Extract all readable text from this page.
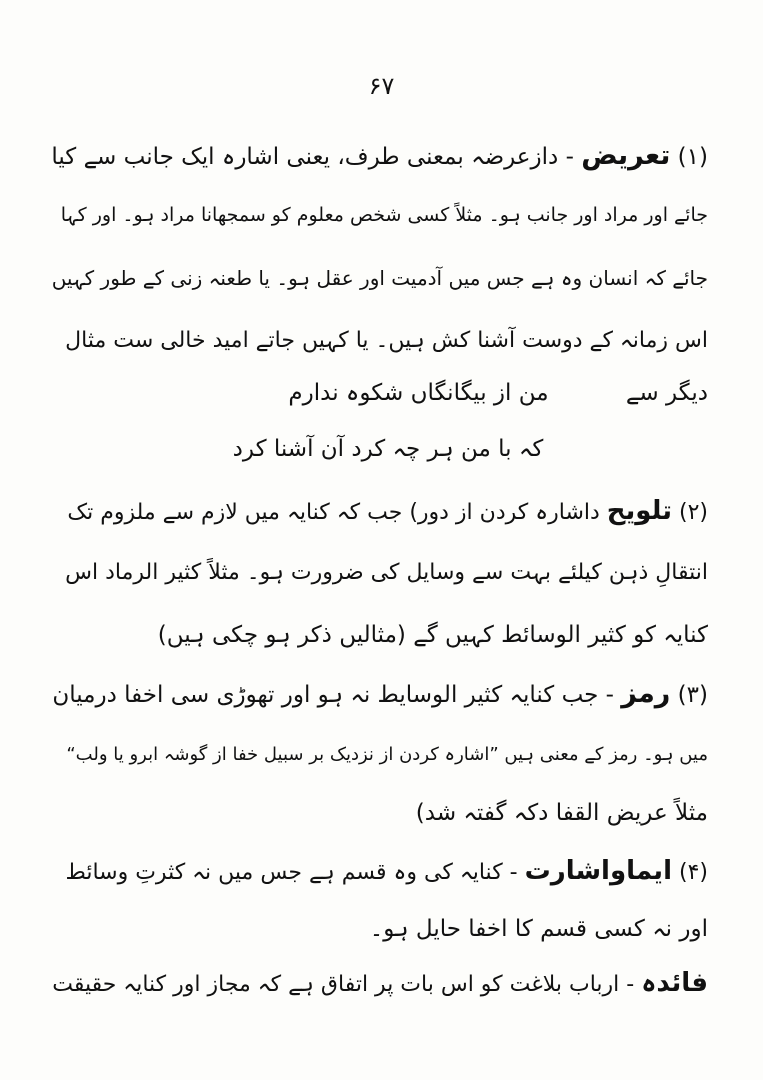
۶۷
(۱) تعریض - دازعرضہ بمعنی طرف، یعنی اشارہ ایک جانب سے کیا
جائے اور مراد اور جانب ہو۔ مثلاً کسی شخص معلوم کو سمجھانا مراد ہو۔ اور کہا
جائے کہ انسان وہ ہے جس میں آدمیت اور عقل ہو۔ یا طعنہ زنی کے طور کہیں
اس زمانہ کے دوست آشنا کش ہیں۔ یا کہیں جاتے امید خالی ست مثال
دیگر سے من از بیگانگاں شکوہ ندارم
کہ با من ہر چہ کرد آن آشنا کرد
(۲) تلویح داشارہ کردن از دور) جب کہ کنایہ میں لازم سے ملزوم تک
انتقالِ ذہن کیلئے بہت سے وسایل کی ضرورت ہو۔ مثلاً کثیر الرماد اس
کنایہ کو کثیر الوسائط کہیں گے (مثالیں ذکر ہو چکی ہیں)
(۳) رمز - جب کنایہ کثیر الوسایط نہ ہو اور تھوڑی سی اخفا درمیان
میں ہو۔ رمز کے معنی ہیں ”اشارہ کردن از نزدیک بر سبیل خفا از گوشہ ابرو یا ولب“
مثلاً عریض القفا دکہ گفتہ شد)
(۴) ایماواشارت - کنایہ کی وہ قسم ہے جس میں نہ کثرتِ وسائط
اور نہ کسی قسم کا اخفا حایل ہو۔
فائدہ - ارباب بلاغت کو اس بات پر اتفاق ہے کہ مجاز اور کنایہ حقیقت
